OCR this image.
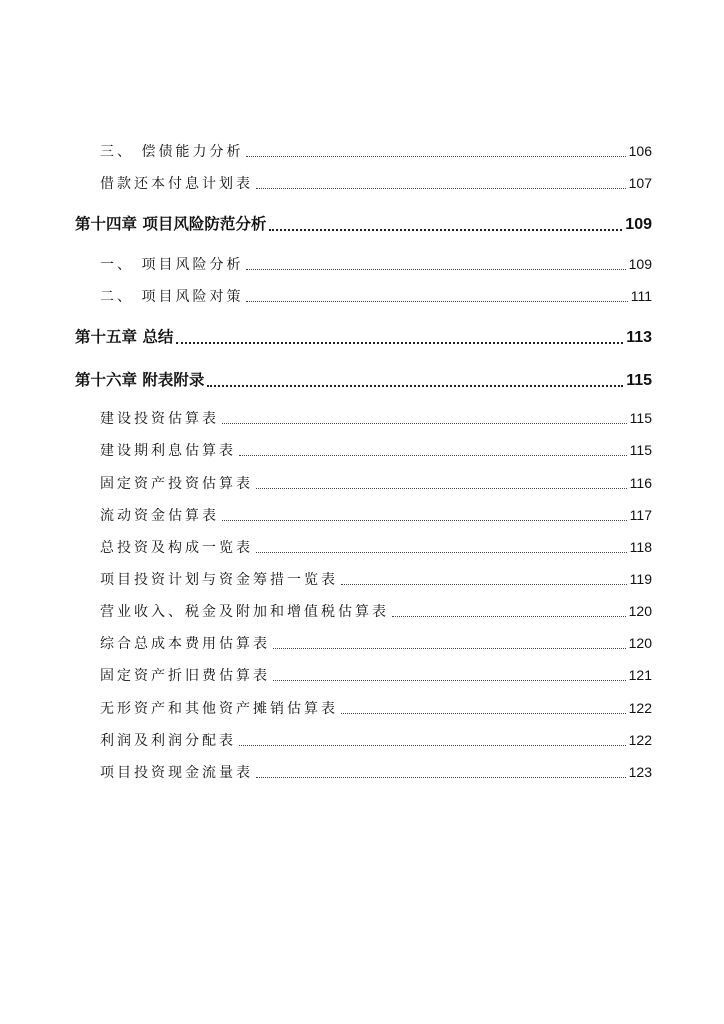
三、 偿债能力分析	106
借款还本付息计划表	107
第十四章 项目风险防范分析	109
一、 项目风险分析	109
二、 项目风险对策	111
第十五章 总结	113
第十六章 附表附录	115
建设投资估算表	115
建设期利息估算表	115
固定资产投资估算表	116
流动资金估算表	117
总投资及构成一览表	118
项目投资计划与资金筹措一览表	119
营业收入、税金及附加和增值税估算表	120
综合总成本费用估算表	120
固定资产折旧费估算表	121
无形资产和其他资产摊销估算表	122
利润及利润分配表	122
项目投资现金流量表	123
